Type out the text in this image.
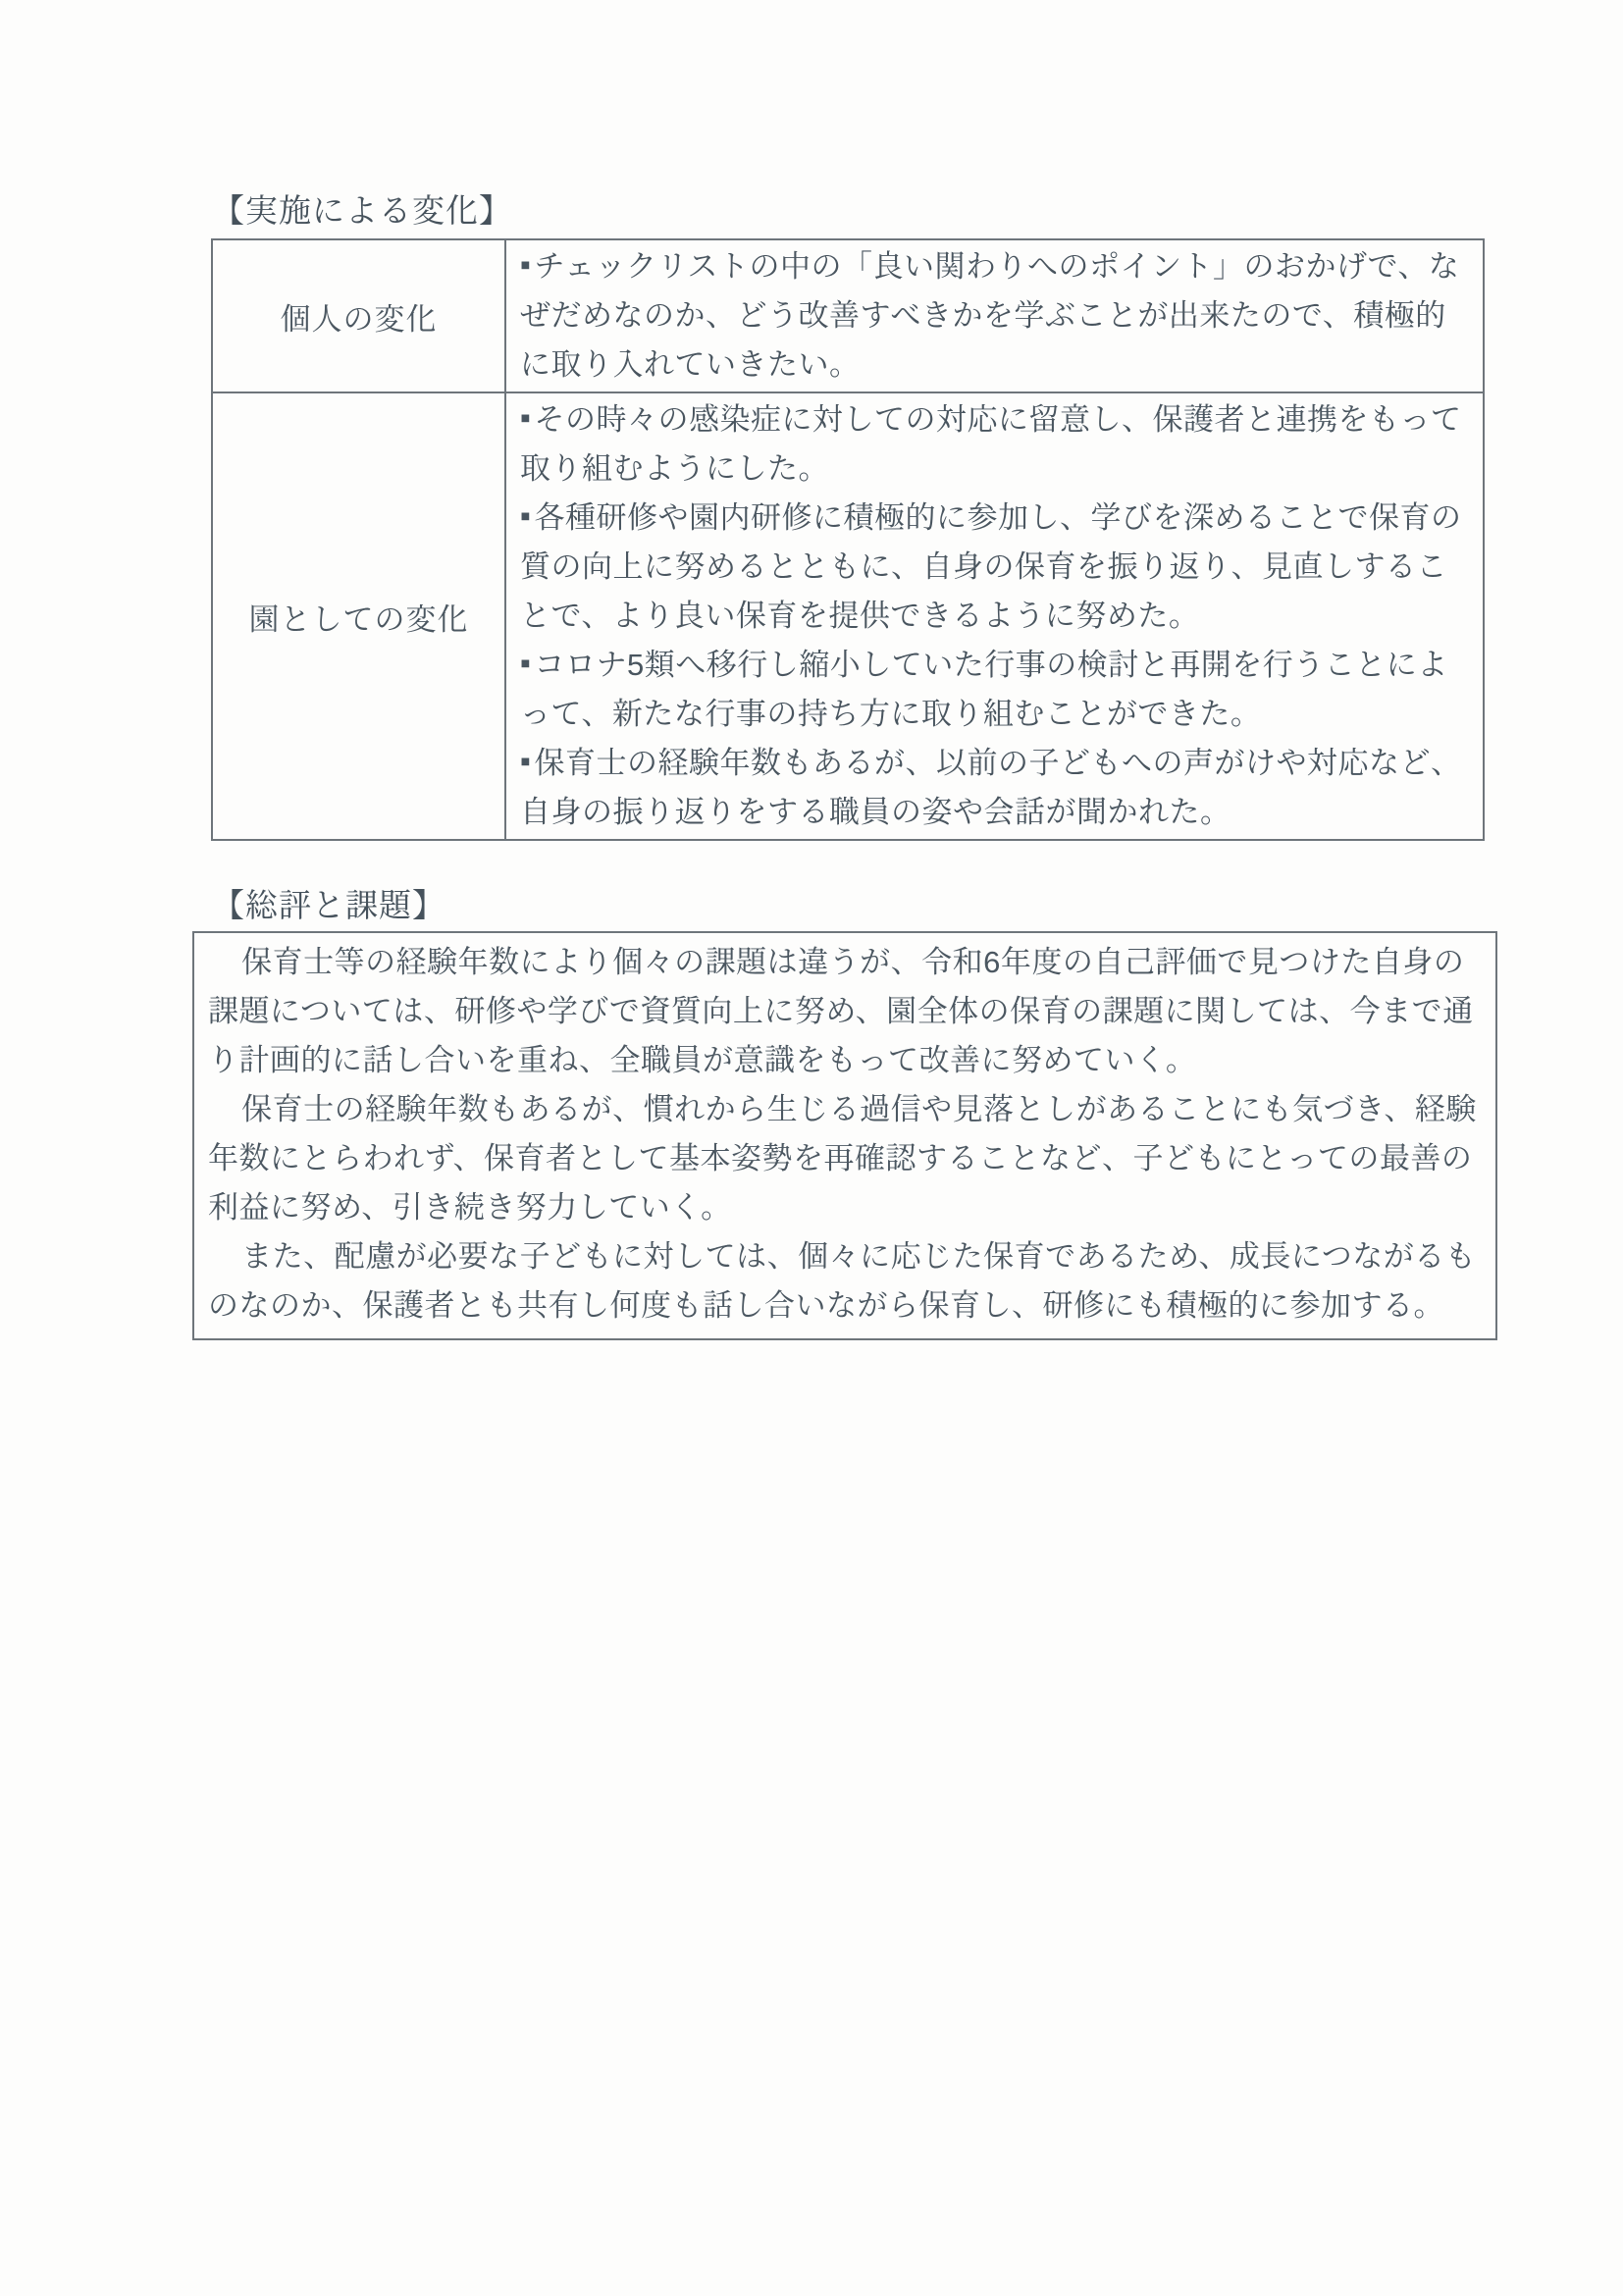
【実施による変化】
個人の変化	▪チェックリストの中の「良い関わりへのポイント」のおかげで、なぜだめなのか、どう改善すべきかを学ぶことが出来たので、積極的に取り入れていきたい。

園としての変化	▪その時々の感染症に対しての対応に留意し、保護者と連携をもって取り組むようにした。
▪各種研修や園内研修に積極的に参加し、学びを深めることで保育の質の向上に努めるとともに、自身の保育を振り返り、見直しすることで、より良い保育を提供できるように努めた。
▪コロナ5類へ移行し縮小していた行事の検討と再開を行うことによって、新たな行事の持ち方に取り組むことができた。
▪保育士の経験年数もあるが、以前の子どもへの声がけや対応など、自身の振り返りをする職員の姿や会話が聞かれた。
【総評と課題】

保育士等の経験年数により個々の課題は違うが、令和6年度の自己評価で見つけた自身の課題については、研修や学びで資質向上に努め、園全体の保育の課題に関しては、今まで通り計画的に話し合いを重ね、全職員が意識をもって改善に努めていく。

保育士の経験年数もあるが、慣れから生じる過信や見落としがあることにも気づき、経験年数にとらわれず、保育者として基本姿勢を再確認することなど、子どもにとっての最善の利益に努め、引き続き努力していく。

また、配慮が必要な子どもに対しては、個々に応じた保育であるため、成長につながるものなのか、保護者とも共有し何度も話し合いながら保育し、研修にも積極的に参加する。
